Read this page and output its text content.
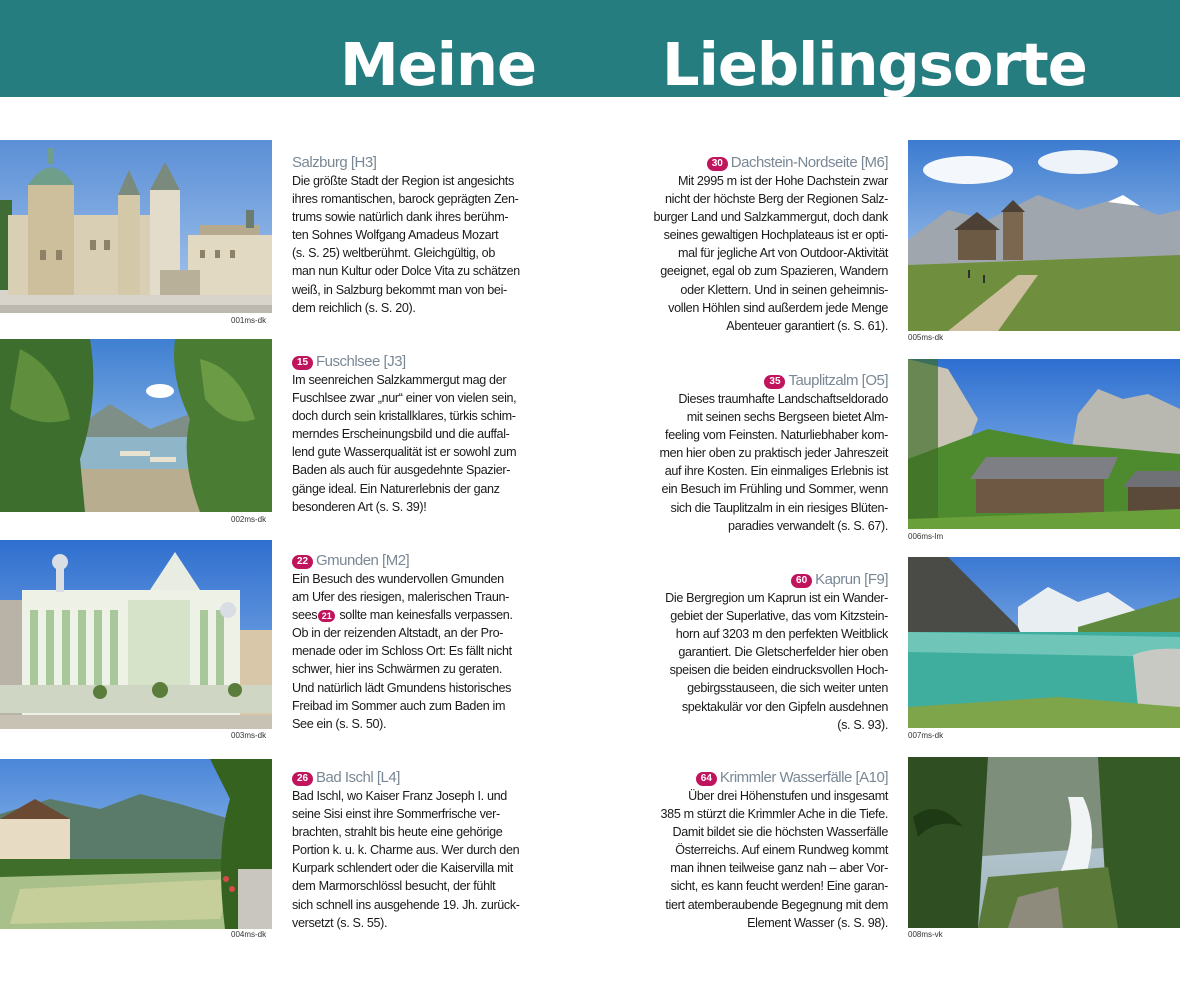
Meine Lieblingsorte
001ms-dk
Salzburg [H3]
Die größte Stadt der Region ist angesichts
ihres romantischen, barock geprägten Zen-
trums sowie natürlich dank ihres berühm-
ten Sohnes Wolfgang Amadeus Mozart
(s. S. 25) weltberühmt. Gleichgültig, ob
man nun Kultur oder Dolce Vita zu schätzen
weiß, in Salzburg bekommt man von bei-
dem reichlich (s. S. 20).
002ms-dk
15 Fuschlsee [J3]
Im seenreichen Salzkammergut mag der
Fuschlsee zwar „nur“ einer von vielen sein,
doch durch sein kristallklares, türkis schim-
merndes Erscheinungsbild und die auffal-
lend gute Wasserqualität ist er sowohl zum
Baden als auch für ausgedehnte Spazier-
gänge ideal. Ein Naturerlebnis der ganz
besonderen Art (s. S. 39)!
003ms-dk
22 Gmunden [M2]
Ein Besuch des wundervollen Gmunden
am Ufer des riesigen, malerischen Traun-
sees 21 sollte man keinesfalls verpassen.
Ob in der reizenden Altstadt, an der Pro-
menade oder im Schloss Ort: Es fällt nicht
schwer, hier ins Schwärmen zu geraten.
Und natürlich lädt Gmundens historisches
Freibad im Sommer auch zum Baden im
See ein (s. S. 50).
004ms-dk
26 Bad Ischl [L4]
Bad Ischl, wo Kaiser Franz Joseph I. und
seine Sisi einst ihre Sommerfrische ver-
brachten, strahlt bis heute eine gehörige
Portion k. u. k. Charme aus. Wer durch den
Kurpark schlendert oder die Kaiservilla mit
dem Marmorschlössl besucht, der fühlt
sich schnell ins ausgehende 19. Jh. zurück-
versetzt (s. S. 55).
005ms-dk
30 Dachstein-Nordseite [M6]
Mit 2995 m ist der Hohe Dachstein zwar
nicht der höchste Berg der Regionen Salz-
burger Land und Salzkammergut, doch dank
seines gewaltigen Hochplateaus ist er opti-
mal für jegliche Art von Outdoor-Aktivität
geeignet, egal ob zum Spazieren, Wandern
oder Klettern. Und in seinen geheimnis-
vollen Höhlen sind außerdem jede Menge
Abenteuer garantiert (s. S. 61).
006ms-lm
35 Tauplitzalm [O5]
Dieses traumhafte Landschaftseldorado
mit seinen sechs Bergseen bietet Alm-
feeling vom Feinsten. Naturliebhaber kom-
men hier oben zu praktisch jeder Jahreszeit
auf ihre Kosten. Ein einmaliges Erlebnis ist
ein Besuch im Frühling und Sommer, wenn
sich die Tauplitzalm in ein riesiges Blüten-
paradies verwandelt (s. S. 67).
007ms-dk
60 Kaprun [F9]
Die Bergregion um Kaprun ist ein Wander-
gebiet der Superlative, das vom Kitzstein-
horn auf 3203 m den perfekten Weitblick
garantiert. Die Gletscherfelder hier oben
speisen die beiden eindrucksvollen Hoch-
gebirgsstauseen, die sich weiter unten
spektakulär vor den Gipfeln ausdehnen
(s. S. 93).
008ms-vk
64 Krimmler Wasserfälle [A10]
Über drei Höhenstufen und insgesamt
385 m stürzt die Krimmler Ache in die Tiefe.
Damit bildet sie die höchsten Wasserfälle
Österreichs. Auf einem Rundweg kommt
man ihnen teilweise ganz nah – aber Vor-
sicht, es kann feucht werden! Eine garan-
tiert atemberaubende Begegnung mit dem
Element Wasser (s. S. 98).
